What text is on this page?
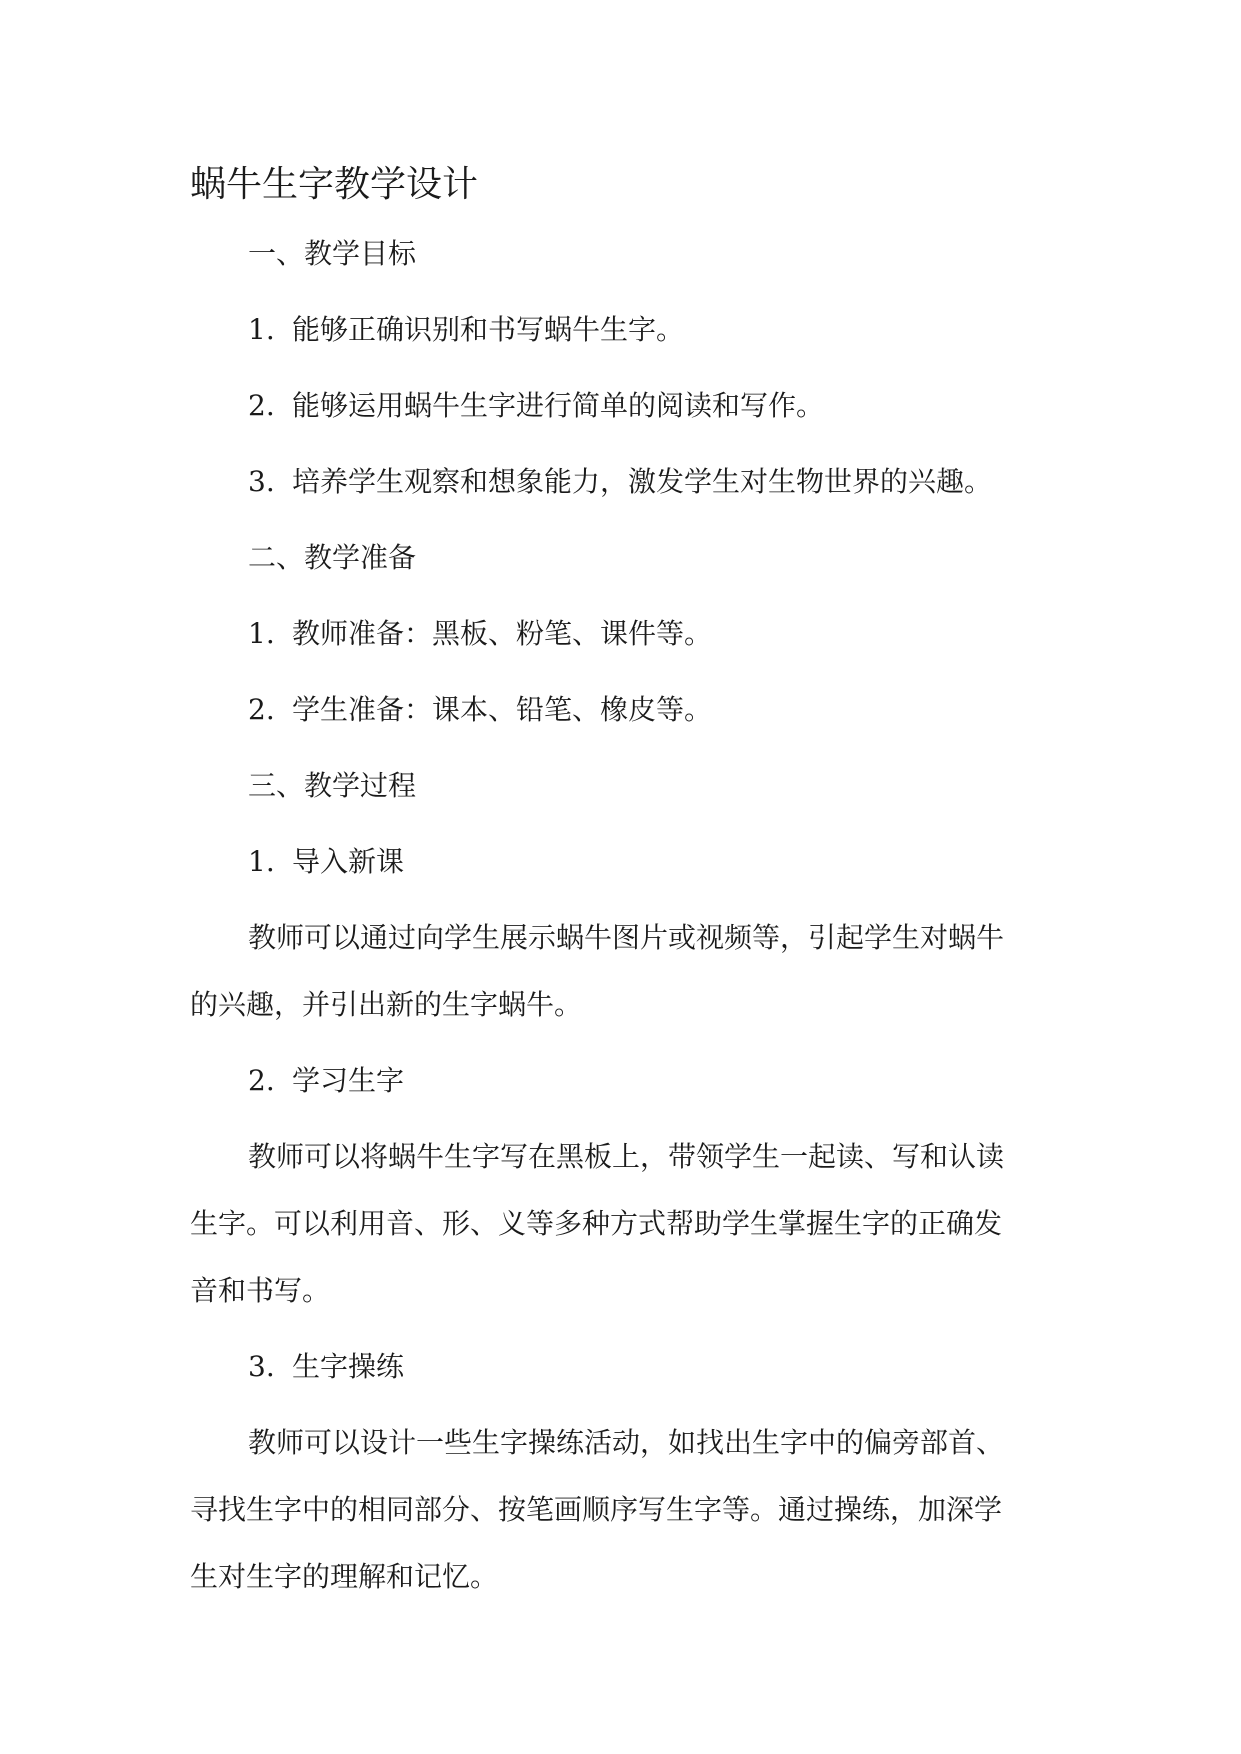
蜗牛生字教学设计
一、教学目标
1. 能够正确识别和书写蜗牛生字。
2. 能够运用蜗牛生字进行简单的阅读和写作。
3. 培养学生观察和想象能力，激发学生对生物世界的兴趣。
二、教学准备
1. 教师准备：黑板、粉笔、课件等。
2. 学生准备：课本、铅笔、橡皮等。
三、教学过程
1. 导入新课
教师可以通过向学生展示蜗牛图片或视频等，引起学生对蜗牛
的兴趣，并引出新的生字蜗牛。
2. 学习生字
教师可以将蜗牛生字写在黑板上，带领学生一起读、写和认读
生字。可以利用音、形、义等多种方式帮助学生掌握生字的正确发
音和书写。
3. 生字操练
教师可以设计一些生字操练活动，如找出生字中的偏旁部首、
寻找生字中的相同部分、按笔画顺序写生字等。通过操练，加深学
生对生字的理解和记忆。
